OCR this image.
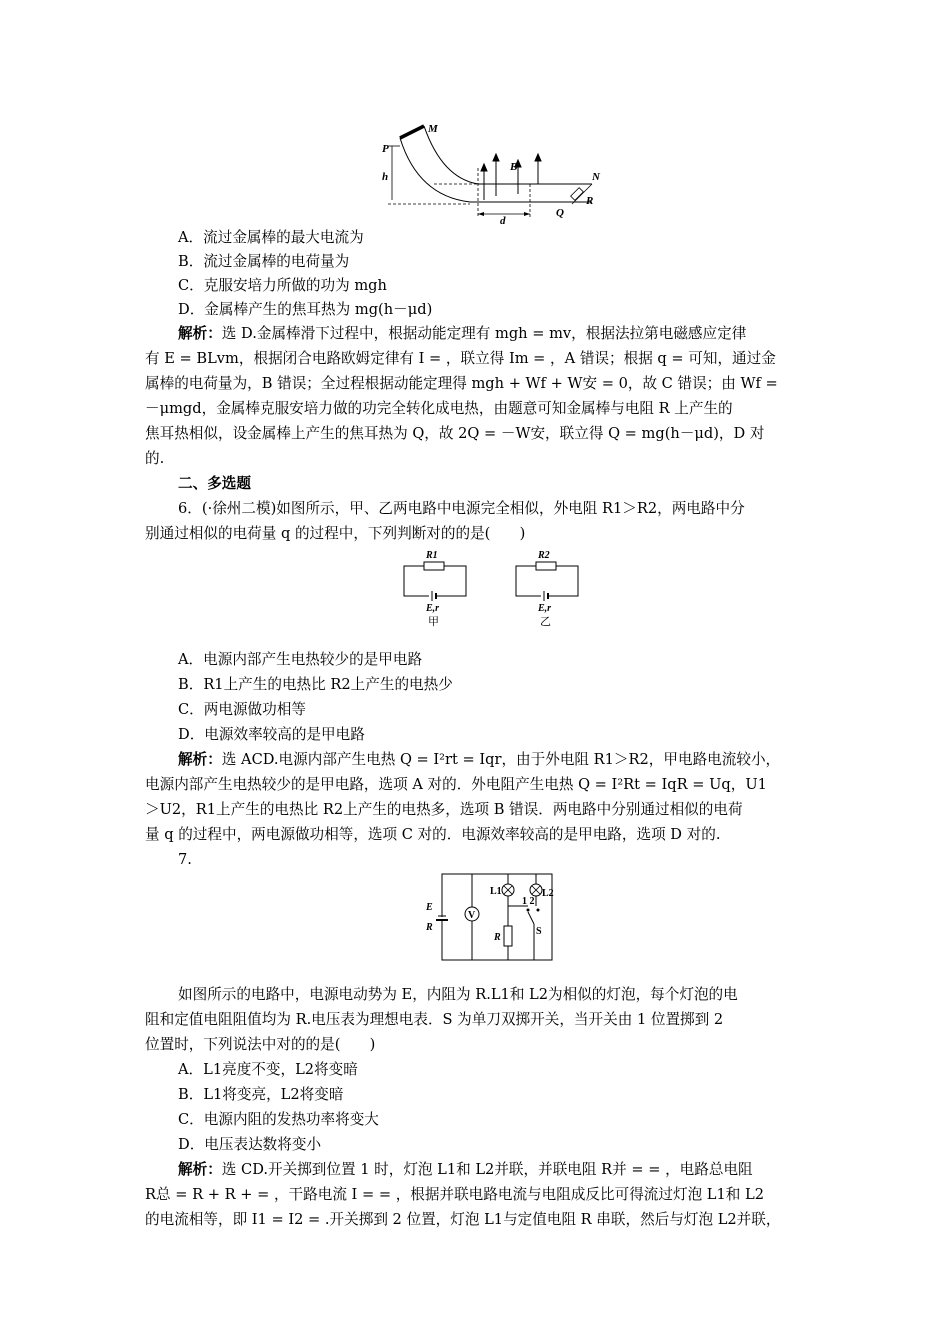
M
P
h
B
N
R
Q
d
A．流过金属棒的最大电流为
B．流过金属棒的电荷量为
C．克服安培力所做的功为 mgh
D．金属棒产生的焦耳热为 mg(h－μd)
解析：选 D.金属棒滑下过程中，根据动能定理有 mgh = mv，根据法拉第电磁感应定律
有 E = BLvm，根据闭合电路欧姆定律有 I = ，联立得 Im = ，A 错误；根据 q = 可知，通过金
属棒的电荷量为，B 错误；全过程根据动能定理得 mgh + Wf + W安 = 0，故 C 错误；由 Wf =
－μmgd，金属棒克服安培力做的功完全转化成电热，由题意可知金属棒与电阻 R 上产生的
焦耳热相似，设金属棒上产生的焦耳热为 Q，故 2Q = －W安，联立得 Q = mg(h－μd)，D 对
的.
二、多选题
6．(·徐州二模)如图所示，甲、乙两电路中电源完全相似，外电阻 R1＞R2，两电路中分
别通过相似的电荷量 q 的过程中，下列判断对的的是(　　)
R1
E,r
甲
R2
E,r
乙
A．电源内部产生电热较少的是甲电路
B．R1上产生的电热比 R2上产生的电热少
C．两电源做功相等
D．电源效率较高的是甲电路
解析：选 ACD.电源内部产生电热 Q = I²rt = Iqr，由于外电阻 R1＞R2，甲电路电流较小，
电源内部产生电热较少的是甲电路，选项 A 对的．外电阻产生电热 Q = I²Rt = IqR = Uq，U1
＞U2，R1上产生的电热比 R2上产生的电热多，选项 B 错误．两电路中分别通过相似的电荷
量 q 的过程中，两电源做功相等，选项 C 对的．电源效率较高的是甲电路，选项 D 对的.
7.
E
R
V
L1	L2
1 2
R
S
如图所示的电路中，电源电动势为 E，内阻为 R.L1和 L2为相似的灯泡，每个灯泡的电
阻和定值电阻阻值均为 R.电压表为理想电表．S 为单刀双掷开关，当开关由 1 位置掷到 2
位置时，下列说法中对的的是(　　)
A．L1亮度不变，L2将变暗
B．L1将变亮，L2将变暗
C．电源内阻的发热功率将变大
D．电压表达数将变小
解析：选 CD.开关掷到位置 1 时，灯泡 L1和 L2并联，并联电阻 R并 = = ，电路总电阻
R总 = R + R + = ，干路电流 I = = ，根据并联电路电流与电阻成反比可得流过灯泡 L1和 L2
的电流相等，即 I1 = I2 = .开关掷到 2 位置，灯泡 L1与定值电阻 R 串联，然后与灯泡 L2并联，
